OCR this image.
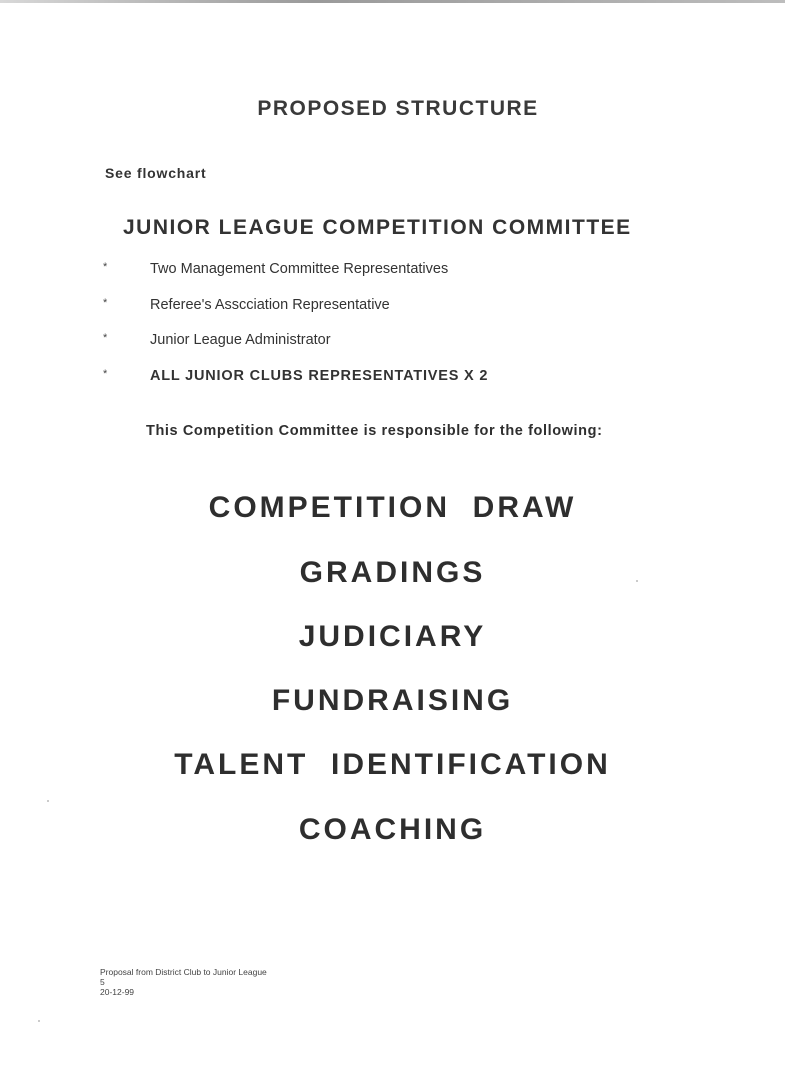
PROPOSED STRUCTURE
See flowchart
JUNIOR LEAGUE COMPETITION COMMITTEE
*	Two Management Committee Representatives
*	Referee's Asscciation Representative
*	Junior League Administrator
*	ALL JUNIOR CLUBS REPRESENTATIVES X 2
This Competition Committee is responsible for the following:
COMPETITION  DRAW
GRADINGS
JUDICIARY
FUNDRAISING
TALENT  IDENTIFICATION
COACHING
Proposal from District Club to Junior League
5
20-12-99
